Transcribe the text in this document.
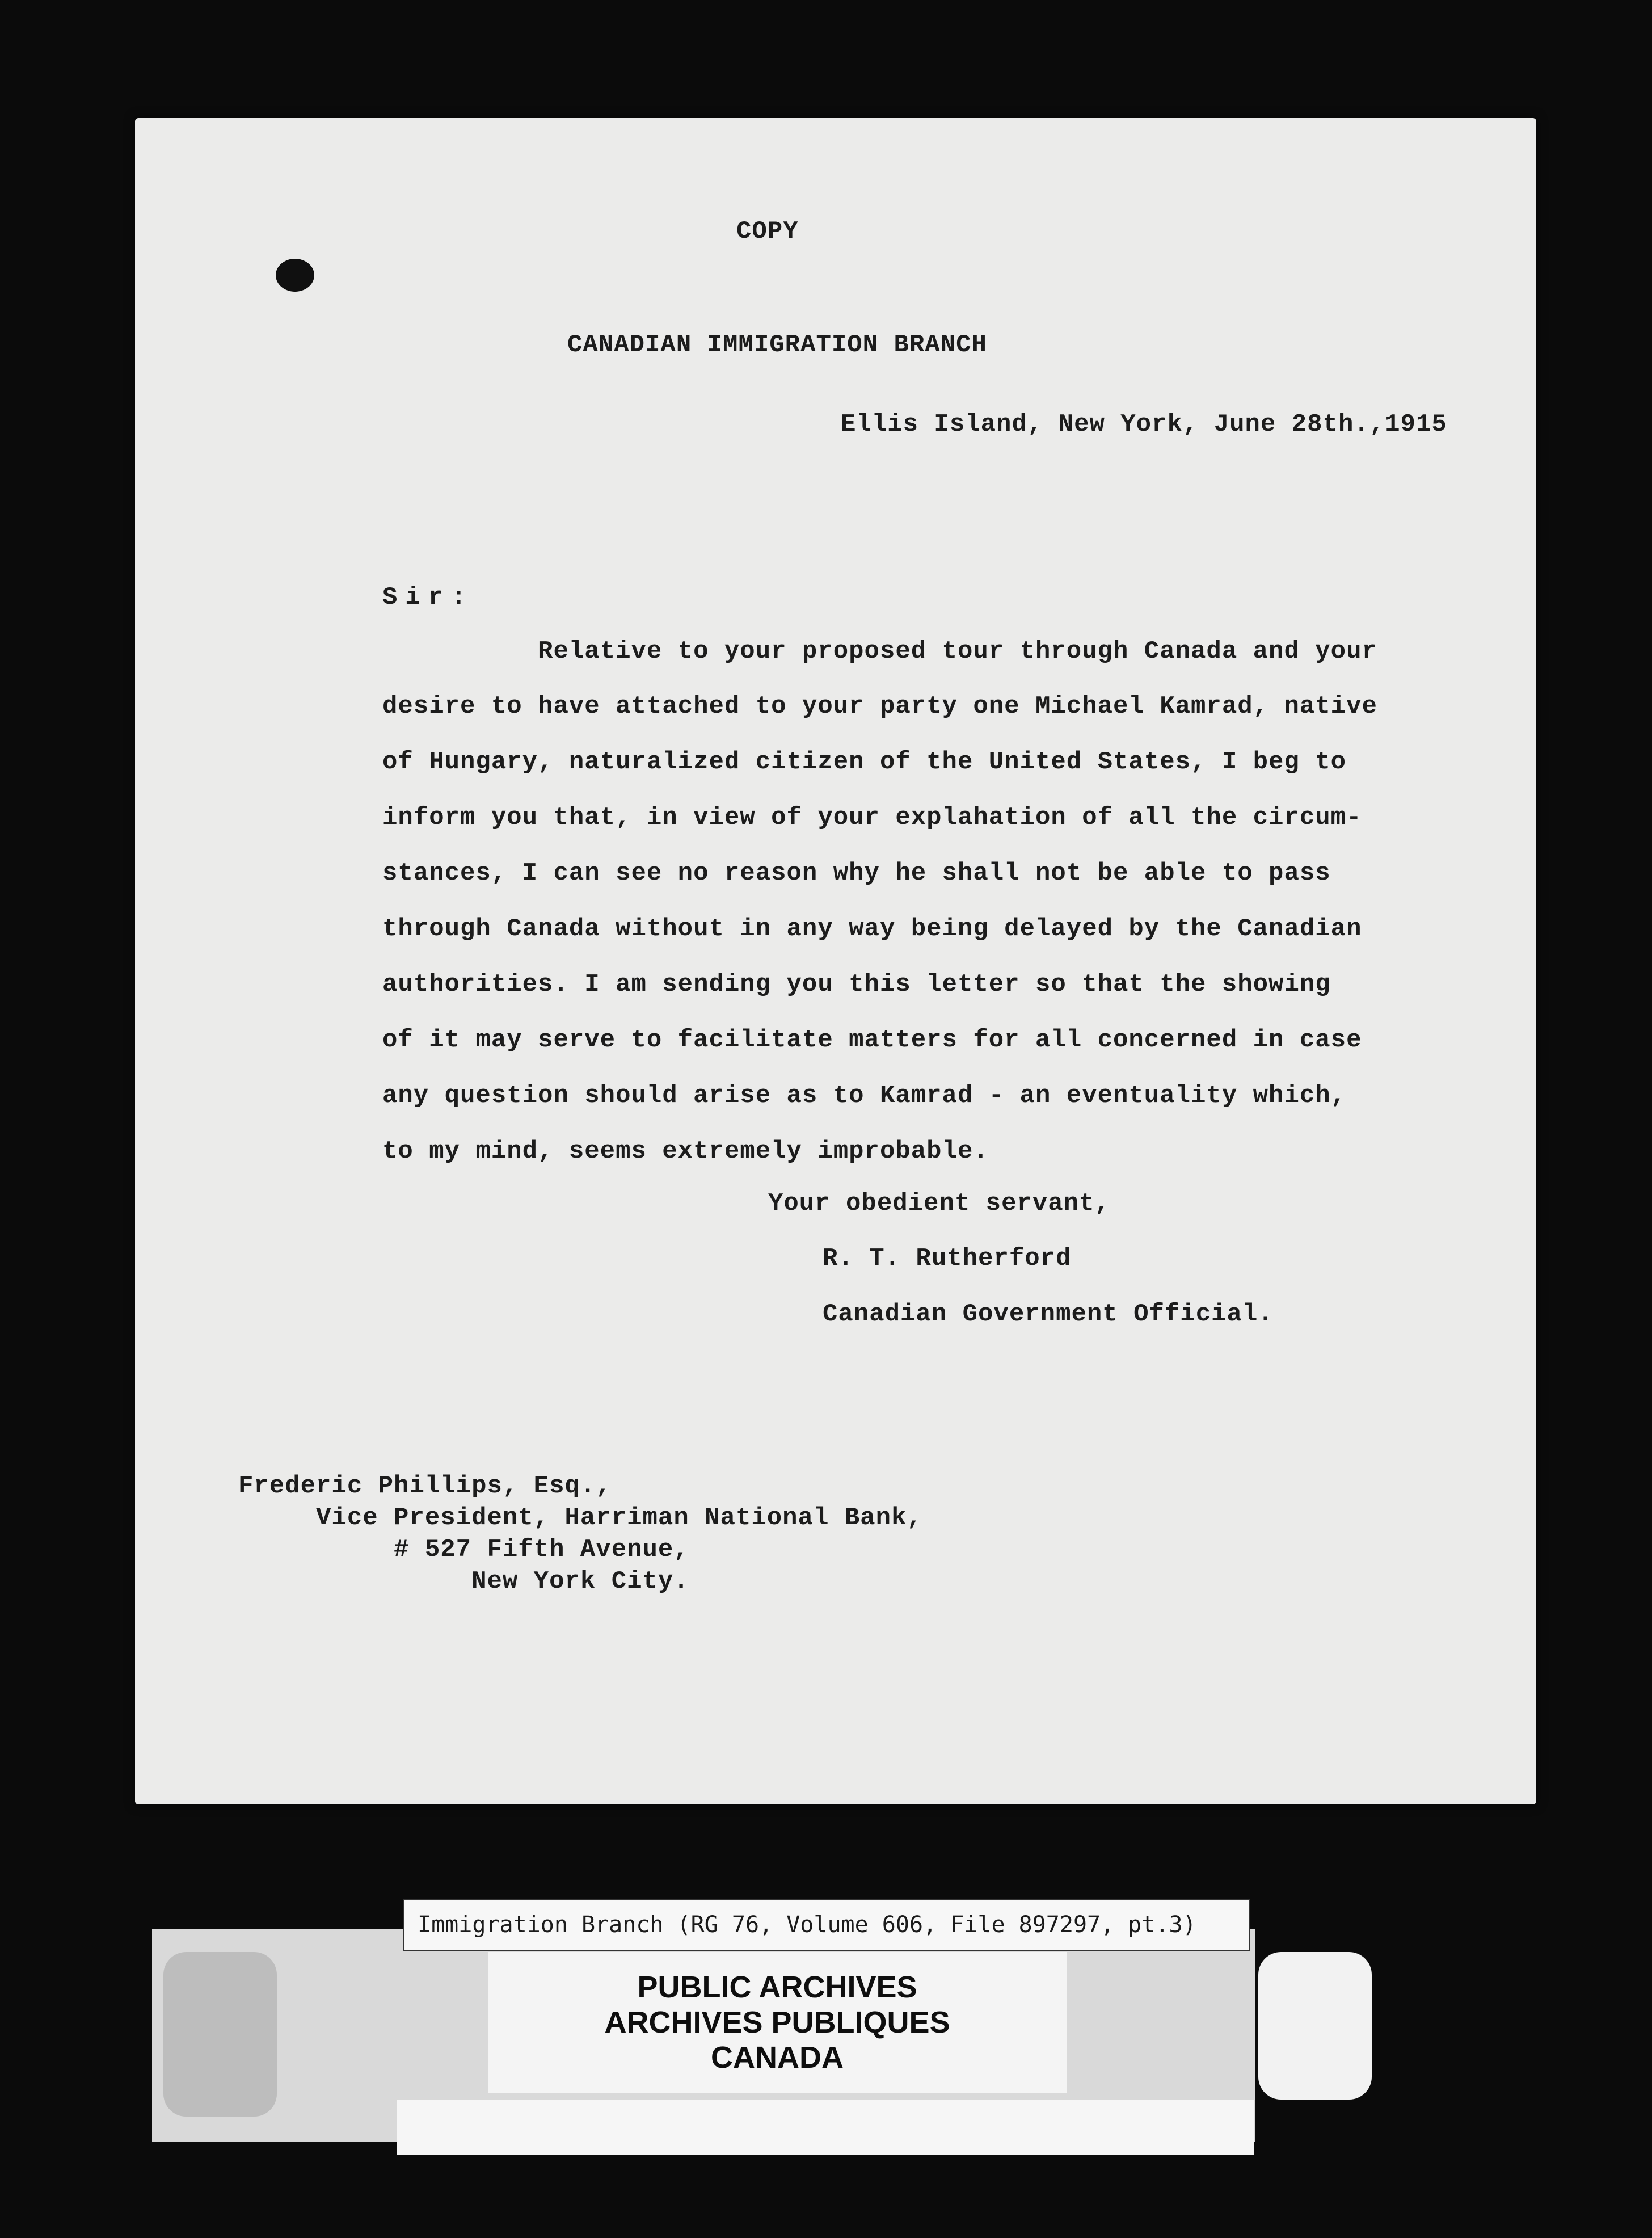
COPY
CANADIAN IMMIGRATION BRANCH
Ellis Island, New York, June 28th.,1915
Sir:
Relative to your proposed tour through Canada and your
desire to have attached to your party one Michael Kamrad, native
of Hungary, naturalized citizen of the United States, I beg to
inform you that, in view of your explahation of all the circum-
stances, I can see no reason why he shall not be able to pass
through Canada without in any way being delayed by the Canadian
authorities. I am sending you this letter so that the showing
of it may serve to facilitate matters for all concerned in case
any question should arise as to Kamrad - an eventuality which,
to my mind, seems extremely improbable.
Your obedient servant,
R. T. Rutherford
Canadian Government Official.
Frederic Phillips, Esq.,
Vice President, Harriman National Bank,
# 527 Fifth Avenue,
New York City.
Immigration Branch (RG 76, Volume 606, File 897297, pt.3)
PUBLIC ARCHIVES
ARCHIVES PUBLIQUES
CANADA
